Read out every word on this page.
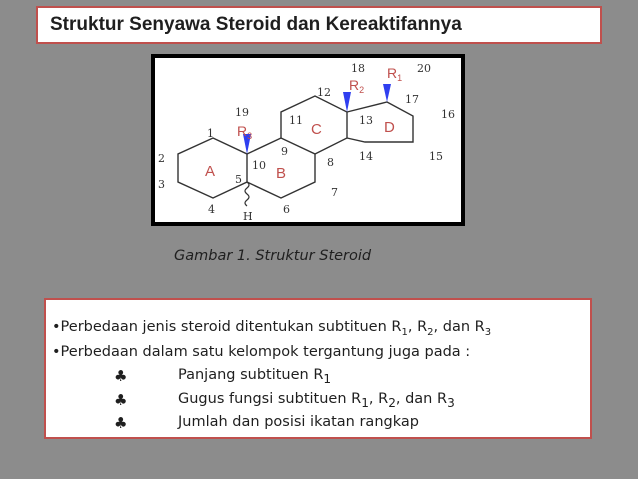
Struktur Senyawa Steroid dan Kereaktifannya
A	B
C	D
$R_3$
$R_2$
$R_1$
H
1
2
3
4
5
6
7
8
9
10
11
12
13
14	15
16
17
18
19
20
Gambar 1. Struktur Steroid
•Perbedaan jenis steroid ditentukan subtituen $R_1$, $R_2$, dan $R_3$
•Perbedaan dalam satu kelompok tergantung juga pada :
♣	Panjang subtituen $R_1$
♣	Gugus fungsi subtituen $R_1$, $R_2$, dan $R_3$
♣	Jumlah dan posisi ikatan rangkap
